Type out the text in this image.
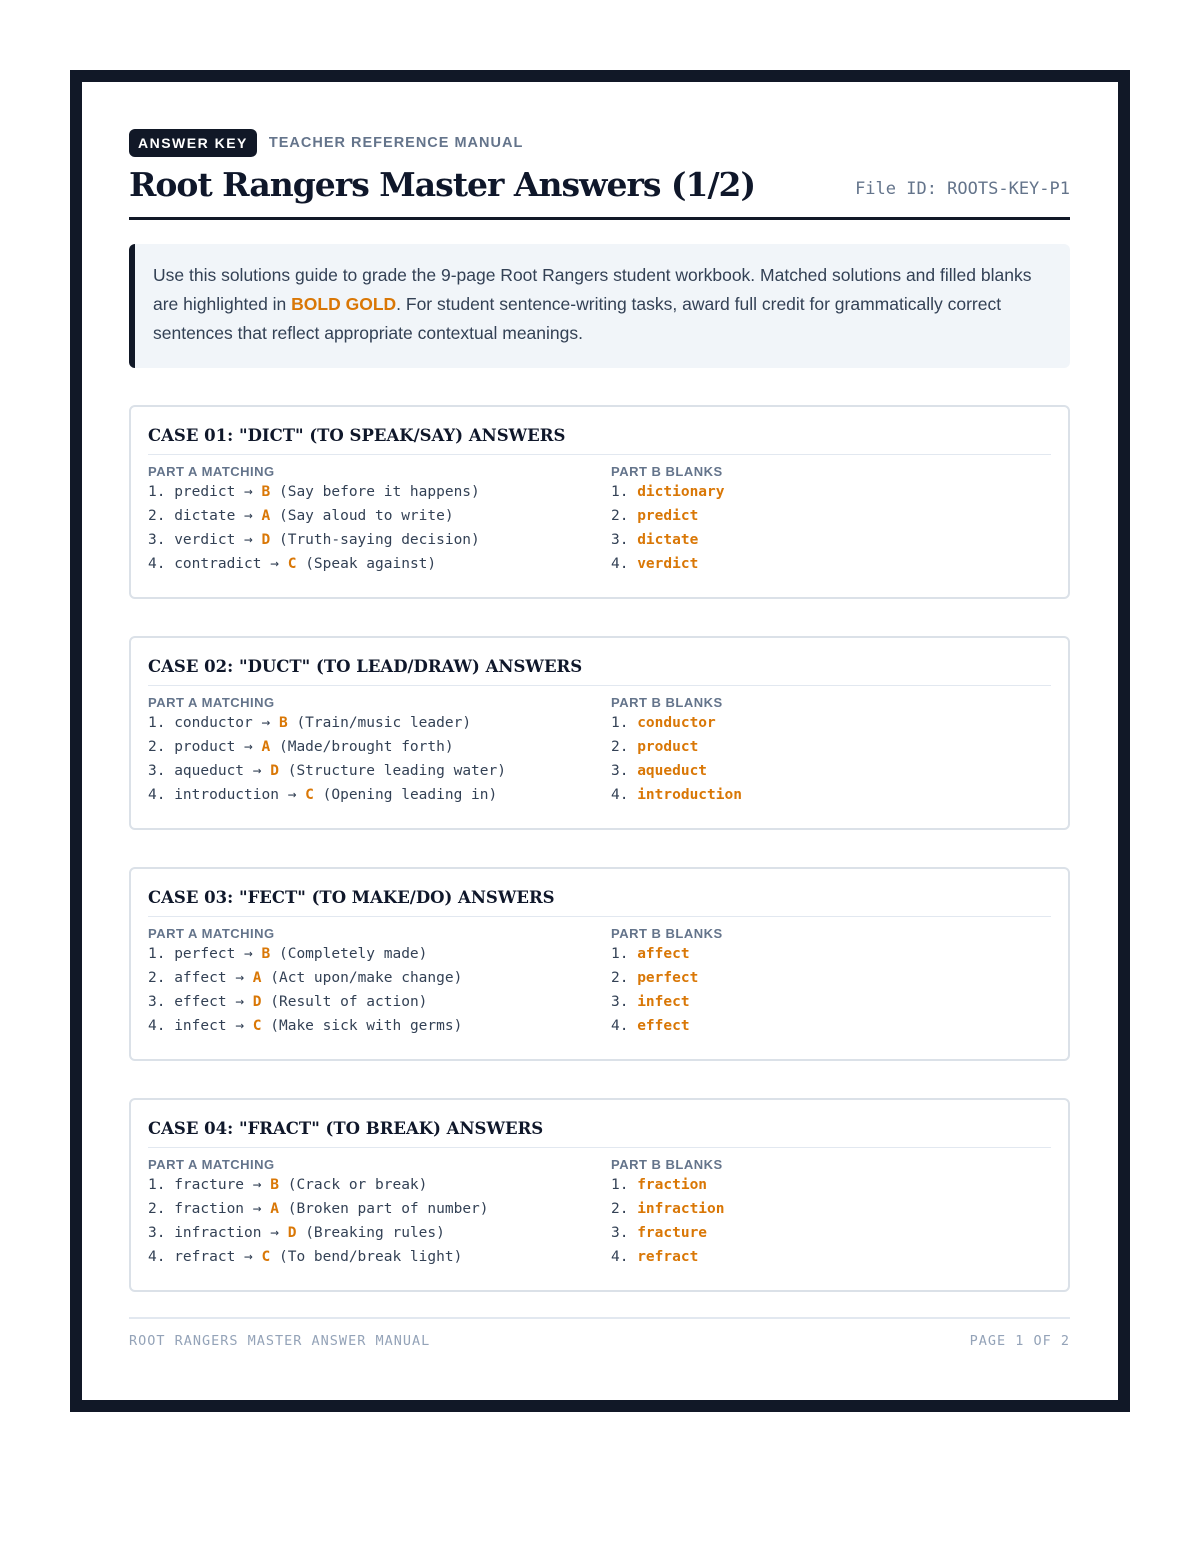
ANSWER KEY	TEACHER REFERENCE MANUAL
Root Rangers Master Answers (1/2)	File ID: ROOTS-KEY-P1
Use this solutions guide to grade the 9-page Root Rangers student workbook. Matched solutions and filled blanks are highlighted in BOLD GOLD. For student sentence-writing tasks, award full credit for grammatically correct sentences that reflect appropriate contextual meanings.
CASE 01: "DICT" (TO SPEAK/SAY) ANSWERS
PART A MATCHING
1. predict → B (Say before it happens)
2. dictate → A (Say aloud to write)
3. verdict → D (Truth-saying decision)
4. contradict → C (Speak against)
PART B BLANKS
1. dictionary
2. predict
3. dictate
4. verdict
CASE 02: "DUCT" (TO LEAD/DRAW) ANSWERS
PART A MATCHING
1. conductor → B (Train/music leader)
2. product → A (Made/brought forth)
3. aqueduct → D (Structure leading water)
4. introduction → C (Opening leading in)
PART B BLANKS
1. conductor
2. product
3. aqueduct
4. introduction
CASE 03: "FECT" (TO MAKE/DO) ANSWERS
PART A MATCHING
1. perfect → B (Completely made)
2. affect → A (Act upon/make change)
3. effect → D (Result of action)
4. infect → C (Make sick with germs)
PART B BLANKS
1. affect
2. perfect
3. infect
4. effect
CASE 04: "FRACT" (TO BREAK) ANSWERS
PART A MATCHING
1. fracture → B (Crack or break)
2. fraction → A (Broken part of number)
3. infraction → D (Breaking rules)
4. refract → C (To bend/break light)
PART B BLANKS
1. fraction
2. infraction
3. fracture
4. refract
ROOT RANGERS MASTER ANSWER MANUAL	PAGE 1 OF 2
